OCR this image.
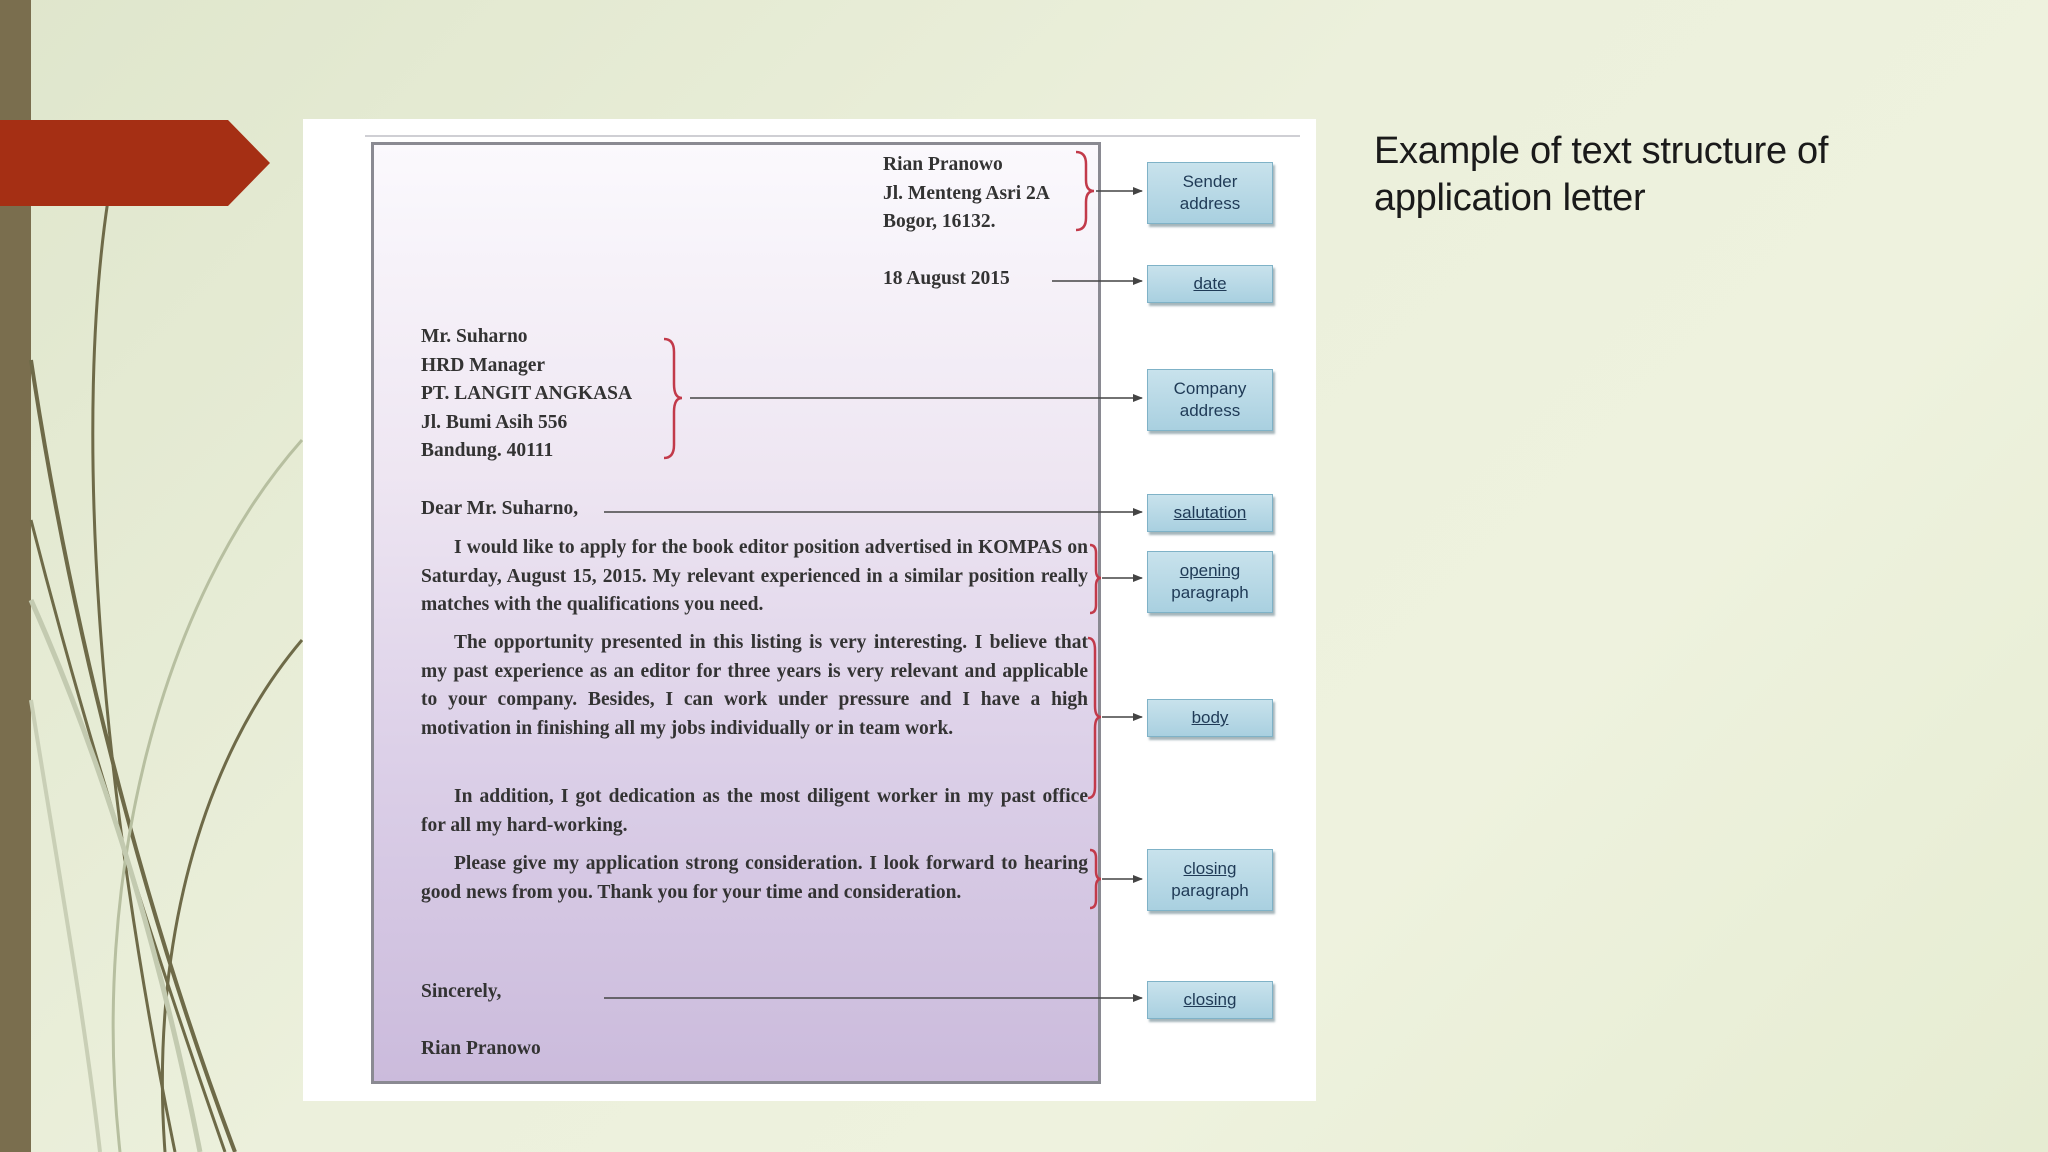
Example of text structure of
application letter
Rian Pranowo
Jl. Menteng Asri 2A
Bogor, 16132.
18 August 2015
Mr. Suharno
HRD Manager
PT. LANGIT ANGKASA
Jl. Bumi Asih 556
Bandung. 40111
Dear Mr. Suharno,

I would like to apply for the book editor position advertised in KOMPAS on Saturday, August 15, 2015. My relevant experienced in a similar position really matches with the qualifications you need.

The opportunity presented in this listing is very interesting. I believe that my past experience as an editor for three years is very relevant and applicable to your company. Besides, I can work under pressure and I have a high motivation in finishing all my jobs individually or in team work.

In addition, I got dedication as the most diligent worker in my past office for all my hard-working.

Please give my application strong consideration. I look forward to hearing good news from you. Thank you for your time and consideration.

Sincerely,
Rian Pranowo
Sender
address
date
Company
address
salutation
opening
paragraph
body
closing
paragraph
closing
